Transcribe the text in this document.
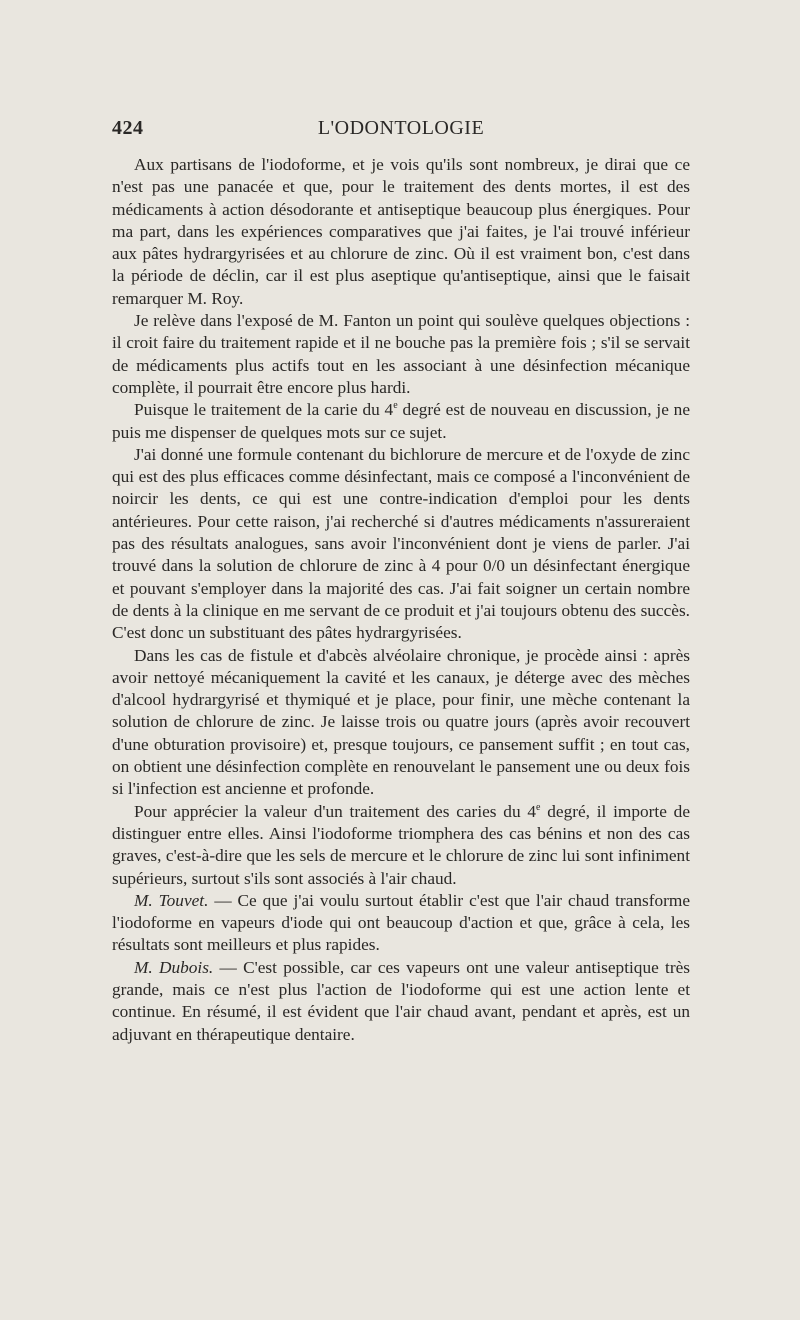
424	L'ODONTOLOGIE

Aux partisans de l'iodoforme, et je vois qu'ils sont nombreux, je dirai que ce n'est pas une panacée et que, pour le traitement des dents mortes, il est des médicaments à action désodorante et antiseptique beaucoup plus énergiques. Pour ma part, dans les expériences comparatives que j'ai faites, je l'ai trouvé inférieur aux pâtes hydrargyrisées et au chlorure de zinc. Où il est vraiment bon, c'est dans la période de déclin, car il est plus aseptique qu'antiseptique, ainsi que le faisait remarquer M. Roy.

Je relève dans l'exposé de M. Fanton un point qui soulève quelques objections : il croit faire du traitement rapide et il ne bouche pas la première fois ; s'il se servait de médicaments plus actifs tout en les associant à une désinfection mécanique complète, il pourrait être encore plus hardi.

Puisque le traitement de la carie du 4e degré est de nouveau en discussion, je ne puis me dispenser de quelques mots sur ce sujet.

J'ai donné une formule contenant du bichlorure de mercure et de l'oxyde de zinc qui est des plus efficaces comme désinfectant, mais ce composé a l'inconvénient de noircir les dents, ce qui est une contre-indication d'emploi pour les dents antérieures. Pour cette raison, j'ai recherché si d'autres médicaments n'assureraient pas des résultats analogues, sans avoir l'inconvénient dont je viens de parler. J'ai trouvé dans la solution de chlorure de zinc à 4 pour 0/0 un désinfectant énergique et pouvant s'employer dans la majorité des cas. J'ai fait soigner un certain nombre de dents à la clinique en me servant de ce produit et j'ai toujours obtenu des succès. C'est donc un substituant des pâtes hydrargyrisées.

Dans les cas de fistule et d'abcès alvéolaire chronique, je procède ainsi : après avoir nettoyé mécaniquement la cavité et les canaux, je déterge avec des mèches d'alcool hydrargyrisé et thymiqué et je place, pour finir, une mèche contenant la solution de chlorure de zinc. Je laisse trois ou quatre jours (après avoir recouvert d'une obturation provisoire) et, presque toujours, ce pansement suffit ; en tout cas, on obtient une désinfection complète en renouvelant le pansement une ou deux fois si l'infection est ancienne et profonde.

Pour apprécier la valeur d'un traitement des caries du 4e degré, il importe de distinguer entre elles. Ainsi l'iodoforme triomphera des cas bénins et non des cas graves, c'est-à-dire que les sels de mercure et le chlorure de zinc lui sont infiniment supérieurs, surtout s'ils sont associés à l'air chaud.

M. Touvet. — Ce que j'ai voulu surtout établir c'est que l'air chaud transforme l'iodoforme en vapeurs d'iode qui ont beaucoup d'action et que, grâce à cela, les résultats sont meilleurs et plus rapides.

M. Dubois. — C'est possible, car ces vapeurs ont une valeur antiseptique très grande, mais ce n'est plus l'action de l'iodoforme qui est une action lente et continue. En résumé, il est évident que l'air chaud avant, pendant et après, est un adjuvant en thérapeutique dentaire.
